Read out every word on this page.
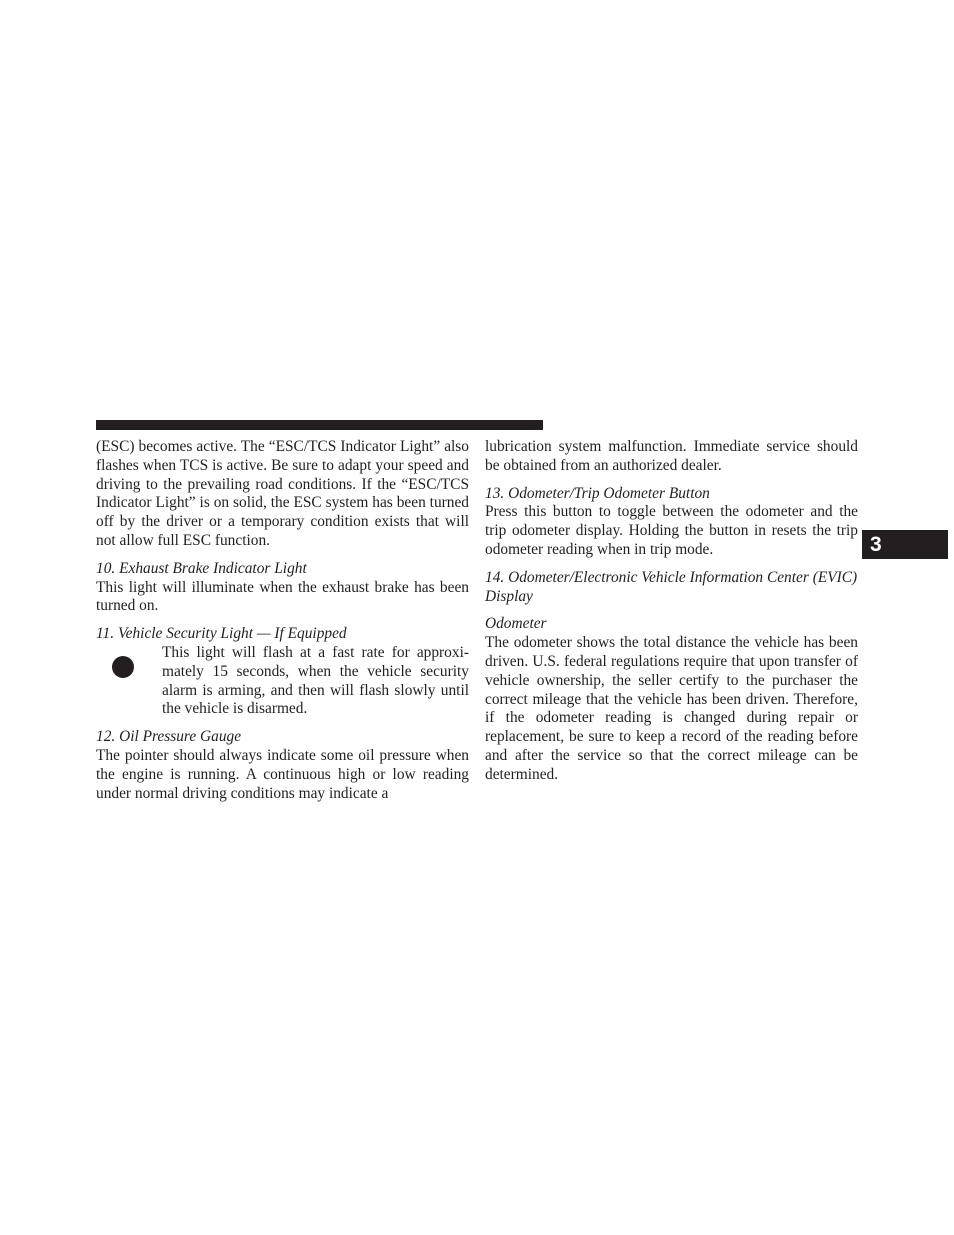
(ESC) becomes active. The “ESC/TCS Indicator Light” also flashes when TCS is active. Be sure to adapt your speed and driving to the prevailing road conditions. If the “ESC/TCS Indicator Light” is on solid, the ESC system has been turned off by the driver or a temporary condition exists that will not allow full ESC function.

10. Exhaust Brake Indicator Light

This light will illuminate when the exhaust brake has been turned on.

11. Vehicle Security Light — If Equipped

This light will flash at a fast rate for approximately 15 seconds, when the vehicle security alarm is arming, and then will flash slowly until the vehicle is disarmed.

12. Oil Pressure Gauge

The pointer should always indicate some oil pressure when the engine is running. A continuous high or low reading under normal driving conditions may indicate a

lubrication system malfunction. Immediate service should be obtained from an authorized dealer.

13. Odometer/Trip Odometer Button

Press this button to toggle between the odometer and the trip odometer display. Holding the button in resets the trip odometer reading when in trip mode.

14. Odometer/Electronic Vehicle Information Center (EVIC) Display
Odometer

The odometer shows the total distance the vehicle has been driven. U.S. federal regulations require that upon transfer of vehicle ownership, the seller certify to the purchaser the correct mileage that the vehicle has been driven. Therefore, if the odometer reading is changed during repair or replacement, be sure to keep a record of the reading before and after the service so that the correct mileage can be determined.

3
